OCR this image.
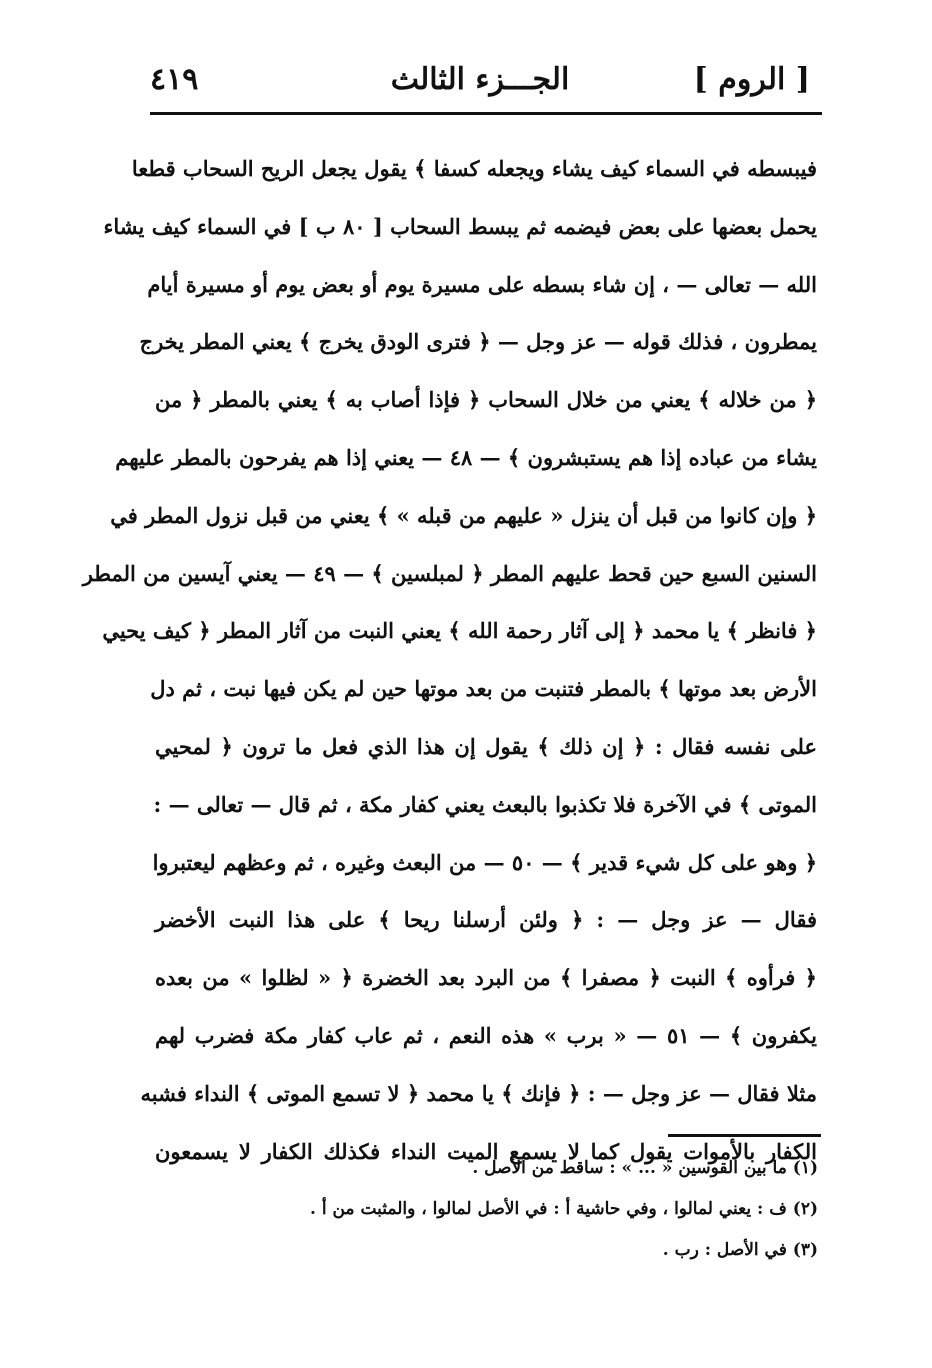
[ الروم ]
الجـــزء الثالث
٤١٩
فيبسطه في السماء كيف يشاء ويجعله كسفا ﴾ يقول يجعل الريح السحاب قطعا
يحمل بعضها على بعض فيضمه ثم يبسط السحاب [ ٨٠ ب ] في السماء كيف يشاء
الله — تعالى — ، إن شاء بسطه على مسيرة يوم أو بعض يوم أو مسيرة أيام
يمطرون ، فذلك قوله — عز وجل — ﴿ فترى الودق يخرج ﴾ يعني المطر يخرج
﴿ من خلاله ﴾ يعني من خلال السحاب ﴿ فإذا أصاب به ﴾ يعني بالمطر ﴿ من
يشاء من عباده إذا هم يستبشرون ﴾ — ٤٨ — يعني إذا هم يفرحون بالمطر عليهم
﴿ وإن كانوا من قبل أن ينزل « عليهم من قبله » ﴾ يعني من قبل نزول المطر في
السنين السبع حين قحط عليهم المطر ﴿ لمبلسين ﴾ — ٤٩ — يعني آيسين من المطر
﴿ فانظر ﴾ يا محمد ﴿ إلى آثار رحمة الله ﴾ يعني النبت من آثار المطر ﴿ كيف يحيي
الأرض بعد موتها ﴾ بالمطر فتنبت من بعد موتها حين لم يكن فيها نبت ، ثم دل
على نفسه فقال : ﴿ إن ذلك ﴾ يقول إن هذا الذي فعل ما ترون ﴿ لمحيي
الموتى ﴾ في الآخرة فلا تكذبوا بالبعث يعني كفار مكة ، ثم قال — تعالى — :
﴿ وهو على كل شيء قدير ﴾ — ٥٠ — من البعث وغيره ، ثم وعظهم ليعتبروا
فقال — عز وجل — : ﴿ ولئن أرسلنا ريحا ﴾ على هذا النبت الأخضر
﴿ فرأوه ﴾ النبت ﴿ مصفرا ﴾ من البرد بعد الخضرة ﴿ « لظلوا » من بعده
يكفرون ﴾ — ٥١ — « برب » هذه النعم ، ثم عاب كفار مكة فضرب لهم
مثلا فقال — عز وجل — : ﴿ فإنك ﴾ يا محمد ﴿ لا تسمع الموتى ﴾ النداء فشبه
الكفار بالأموات يقول كما لا يسمع الميت النداء فكذلك الكفار لا يسمعون
(١) ما بين القوسين « ... » : ساقط من الأصل .
(٢) ف : يعني لمالوا ، وفي حاشية أ : في الأصل لمالوا ، والمثبت من أ .
(٣) في الأصل : رب .
